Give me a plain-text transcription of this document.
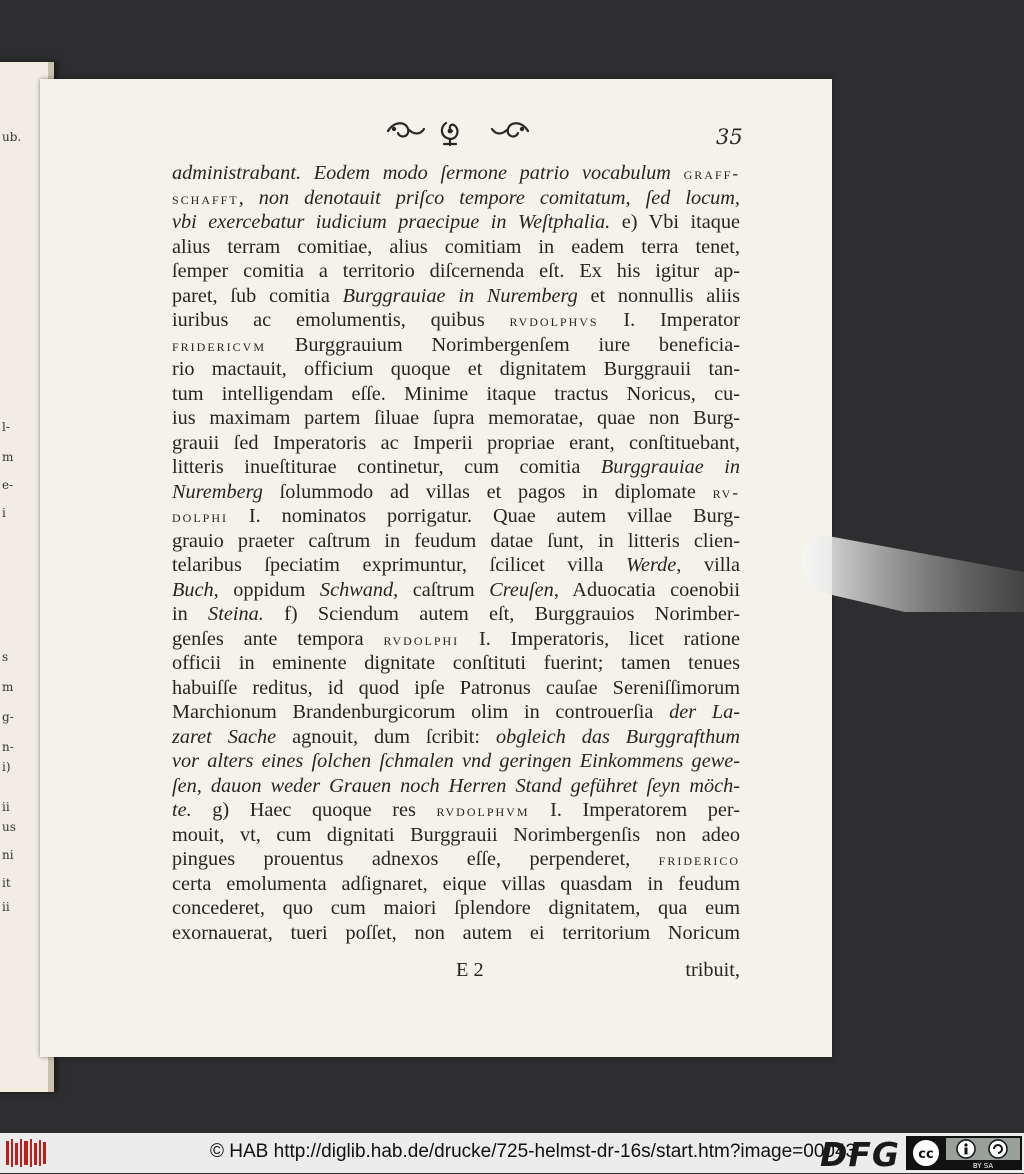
ub.
l-
m
e-
i
s
m
g-
n-
i)
ii
us
ni
it
ii
35
administrabant. Eodem modo ſermone patrio vocabulum graff-
schafft, non denotauit priſco tempore comitatum, ſed locum,
vbi exercebatur iudicium praecipue in Weſtphalia. e) Vbi itaque
alius terram comitiae, alius comitiam in eadem terra tenet,
ſemper comitia a territorio diſcernenda eſt. Ex his igitur ap-
paret, ſub comitia Burggrauiae in Nuremberg et nonnullis aliis
iuribus ac emolumentis, quibus rvdolphvs I. Imperator
fridericvm Burggrauium Norimbergenſem iure beneficia-
rio mactauit, officium quoque et dignitatem Burggrauii tan-
tum intelligendam eſſe. Minime itaque tractus Noricus, cu-
ius maximam partem ſiluae ſupra memoratae, quae non Burg-
grauii ſed Imperatoris ac Imperii propriae erant, conſtituebant,
litteris inueſtiturae continetur, cum comitia Burggrauiae in
Nuremberg ſolummodo ad villas et pagos in diplomate rv-
dolphi I. nominatos porrigatur. Quae autem villae Burg-
grauio praeter caſtrum in feudum datae ſunt, in litteris clien-
telaribus ſpeciatim exprimuntur, ſcilicet villa Werde, villa
Buch, oppidum Schwand, caſtrum Creuſen, Aduocatia coenobii
in Steina. f) Sciendum autem eſt, Burggrauios Norimber-
genſes ante tempora rvdolphi I. Imperatoris, licet ratione
officii in eminente dignitate conſtituti fuerint; tamen tenues
habuiſſe reditus, id quod ipſe Patronus cauſae Sereniſſimorum
Marchionum Brandenburgicorum olim in controuerſia der La-
zaret Sache agnouit, dum ſcribit: obgleich das Burggrafthum
vor alters eines ſolchen ſchmalen vnd geringen Einkommens gewe-
ſen, dauon weder Grauen noch Herren Stand geführet ſeyn möch-
te. g) Haec quoque res rvdolphvm I. Imperatorem per-
mouit, vt, cum dignitati Burggrauii Norimbergenſis non adeo
pingues prouentus adnexos eſſe, perpenderet, friderico
certa emolumenta adſignaret, eique villas quasdam in feudum
concederet, quo cum maiori ſplendore dignitatem, qua eum
exornauerat, tueri poſſet, non autem ei territorium Noricum
E 2	tribuit,
© HAB http://diglib.hab.de/drucke/725-helmst-dr-16s/start.htm?image=00043
DFG cc
BY SA
